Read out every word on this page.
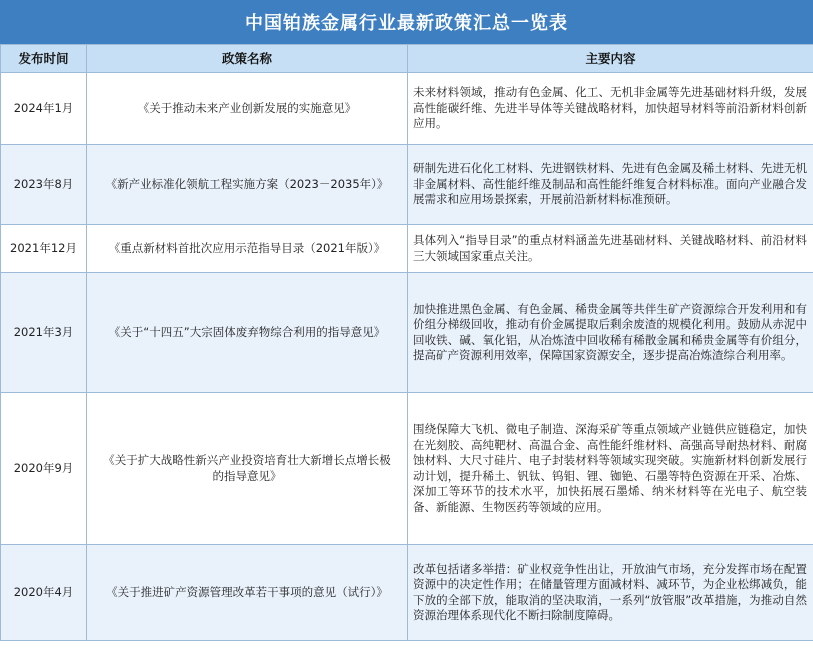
中国铂族金属行业最新政策汇总一览表
发布时间	政策名称	主要内容
2024年1月	《关于推动未来产业创新发展的实施意见》	未来材料领域，推动有色金属、化工、无机非金属等先进基础材料升级，发展高性能碳纤维、先进半导体等关键战略材料，加快超导材料等前沿新材料创新应用。
2023年8月	《新产业标准化领航工程实施方案（2023－2035年）》	研制先进石化化工材料、先进钢铁材料、先进有色金属及稀土材料、先进无机非金属材料、高性能纤维及制品和高性能纤维复合材料标准。面向产业融合发展需求和应用场景探索，开展前沿新材料标准预研。
2021年12月	《重点新材料首批次应用示范指导目录（2021年版）》	具体列入“指导目录”的重点材料涵盖先进基础材料、关键战略材料、前沿材料三大领域国家重点关注。
2021年3月	《关于“十四五”大宗固体废弃物综合利用的指导意见》	加快推进黑色金属、有色金属、稀贵金属等共伴生矿产资源综合开发利用和有价组分梯级回收，推动有价金属提取后剩余废渣的规模化利用。鼓励从赤泥中回收铁、碱、氧化铝，从冶炼渣中回收稀有稀散金属和稀贵金属等有价组分，提高矿产资源利用效率，保障国家资源安全，逐步提高冶炼渣综合利用率。
2020年9月	《关于扩大战略性新兴产业投资培育壮大新增长点增长极的指导意见》	围绕保障大飞机、微电子制造、深海采矿等重点领域产业链供应链稳定，加快在光刻胶、高纯靶材、高温合金、高性能纤维材料、高强高导耐热材料、耐腐蚀材料、大尺寸硅片、电子封装材料等领域实现突破。实施新材料创新发展行动计划，提升稀土、钒钛、钨钼、锂、铷铯、石墨等特色资源在开采、冶炼、深加工等环节的技术水平，加快拓展石墨烯、纳米材料等在光电子、航空装备、新能源、生物医药等领域的应用。
2020年4月	《关于推进矿产资源管理改革若干事项的意见（试行）》	改革包括诸多举措：矿业权竞争性出让，开放油气市场，充分发挥市场在配置资源中的决定性作用；在储量管理方面减材料、减环节，为企业松绑减负，能下放的全部下放，能取消的坚决取消，一系列“放管服”改革措施，为推动自然资源治理体系现代化不断扫除制度障碍。
